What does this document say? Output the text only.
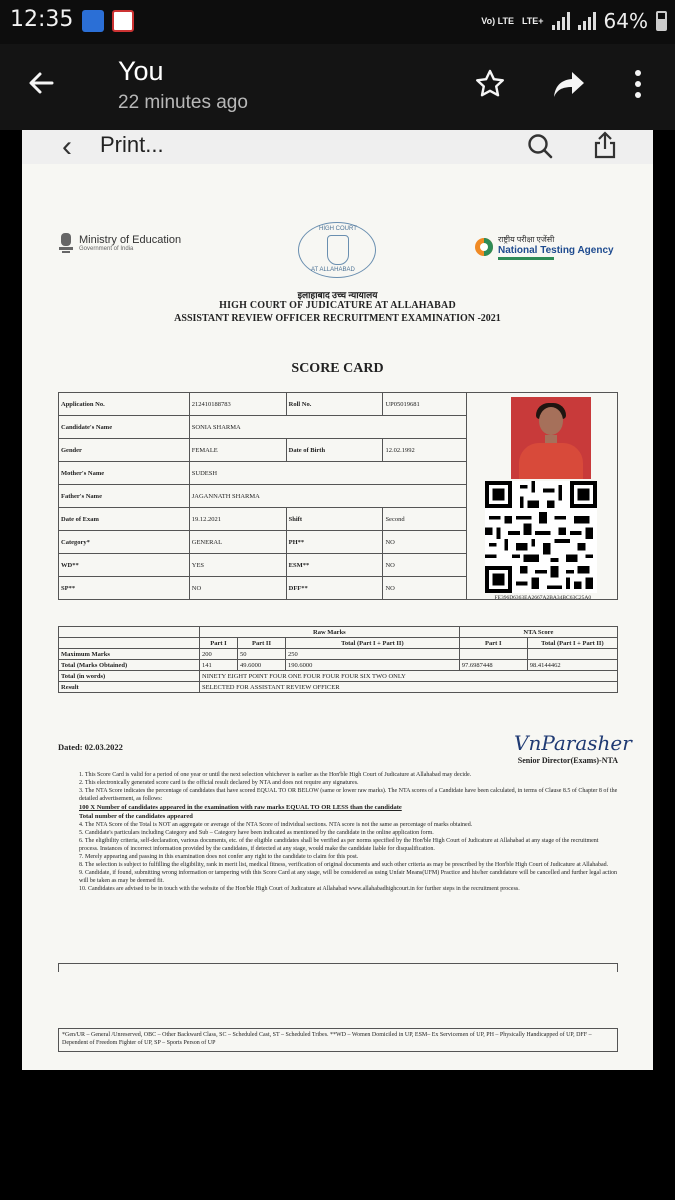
12:35	Vo) LTE LTE+	64%
You
22 minutes ago
‹ Print...
Ministry of Education
Government of India
HIGH COURT
AT ALLAHABAD
राष्ट्रीय परीक्षा एजेंसी
National Testing Agency
इलाहाबाद उच्च न्यायालय
HIGH COURT OF JUDICATURE AT ALLAHABAD
ASSISTANT REVIEW OFFICER RECRUITMENT EXAMINATION -2021
SCORE CARD
Application No.	212410188783	Roll No.	UP05019681	FE396D6363EA2667A2BA34BC63C25A0

Candidate's Name	SONIA SHARMA			
Gender	FEMALE	Date of Birth	12.02.1992	
Mother's Name	SUDESH			
Father's Name	JAGANNATH SHARMA			
Date of Exam	19.12.2021	Shift	Second	
Category*	GENERAL	PH**	NO	
WD**	YES	ESM**	NO	
SP**	NO	DFF**	NO	
	Raw Marks			NTA Score	
	Part I	Part II	Total (Part I + Part II)	Part I	Total (Part I + Part II)
Maximum Marks	200	50	250		
Total (Marks Obtained)	141	49.6000	190.6000	97.6987448	98.4144462
Total (in words)	NINETY EIGHT POINT FOUR ONE FOUR FOUR FOUR SIX TWO ONLY				
Result	SELECTED FOR ASSISTANT REVIEW OFFICER				
Dated: 02.03.2022	VnParasher
Senior Director(Exams)-NTA
1. This Score Card is valid for a period of one year or until the next selection whichever is earlier as the Hon'ble High Court of Judicature at Allahabad may decide.
2. This electronically generated score card is the official result declared by NTA and does not require any signatures.
3. The NTA Score indicates the percentage of candidates that have scored EQUAL TO OR BELOW (same or lower raw marks). The NTA scores of a Candidate have been calculated, in terms of Clause 8.5 of Chapter 8 of the detailed advertisement, as follows:
100 X Number of candidates appeared in the examination with raw marks EQUAL TO OR LESS than the candidate
Total number of the candidates appeared
4. The NTA Score of the Total is NOT an aggregate or average of the NTA Score of individual sections. NTA score is not the same as percentage of marks obtained.
5. Candidate's particulars including Category and Sub – Category have been indicated as mentioned by the candidate in the online application form.
6. The eligibility criteria, self-declaration, various documents, etc. of the eligible candidates shall be verified as per norms specified by the Hon'ble High Court of Judicature at Allahabad at any stage of the recruitment process. Instances of incorrect information provided by the candidates, if detected at any stage, would make the candidate liable for disqualification.
7. Merely appearing and passing in this examination does not confer any right to the candidate to claim for this post.
8. The selection is subject to fulfilling the eligibility, rank in merit list, medical fitness, verification of original documents and such other criteria as may be prescribed by the Hon'ble High Court of Judicature at Allahabad.
9. Candidate, if found, submitting wrong information or tampering with this Score Card at any stage, will be considered as using Unfair Means(UFM) Practice and his/her candidature will be cancelled and further legal action will be taken as may be deemed fit.
10. Candidates are advised to be in touch with the website of the Hon'ble High Court of Judicature at Allahabad www.allahabadhighcourt.in for further steps in the recruitment process.
*Gen/UR – General /Unreserved, OBC – Other Backward Class, SC – Scheduled Cast, ST – Scheduled Tribes. **WD – Women Domiciled in UP, ESM– Ex Servicemen of UP, PH – Physically Handicapped of UP, DFF – Dependent of Freedom Fighter of UP, SP – Sports Person of UP
